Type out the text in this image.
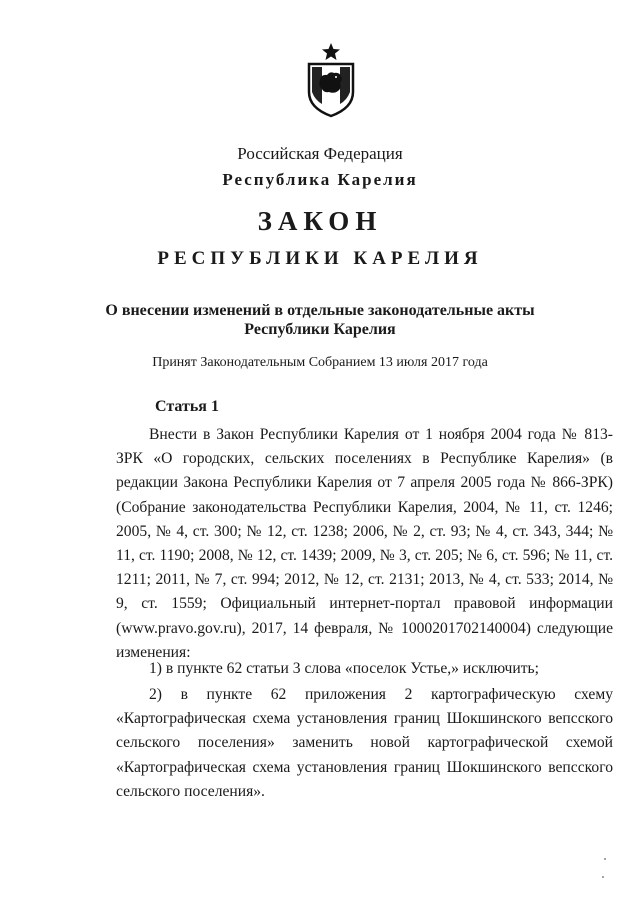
Российская Федерация
Республика Карелия
ЗАКОН
РЕСПУБЛИКИ КАРЕЛИЯ
О внесении изменений в отдельные законодательные акты
Республики Карелия
Принят Законодательным Собранием 13 июля 2017 года
Статья 1

Внести в Закон Республики Карелия от 1 ноября 2004 года № 813-ЗРК «О городских, сельских поселениях в Республике Карелия» (в редакции Закона Республики Карелия от 7 апреля 2005 года № 866-ЗРК) (Собрание законодательства Республики Карелия, 2004, № 11, ст. 1246; 2005, № 4, ст. 300; № 12, ст. 1238; 2006, № 2, ст. 93; № 4, ст. 343, 344; № 11, ст. 1190; 2008, № 12, ст. 1439; 2009, № 3, ст. 205; № 6, ст. 596; № 11, ст. 1211; 2011, № 7, ст. 994; 2012, № 12, ст. 2131; 2013, № 4, ст. 533; 2014, № 9, ст. 1559; Официальный интернет-портал правовой информации (www.pravo.gov.ru), 2017, 14 февраля, № 1000201702140004) следующие изменения:

1) в пункте 62 статьи 3 слова «поселок Устье,» исключить;

2) в пункте 62 приложения 2 картографическую схему «Картографическая схема установления границ Шокшинского вепсского сельского поселения» заменить новой картографической схемой «Картографическая схема установления границ Шокшинского вепсского сельского поселения».
